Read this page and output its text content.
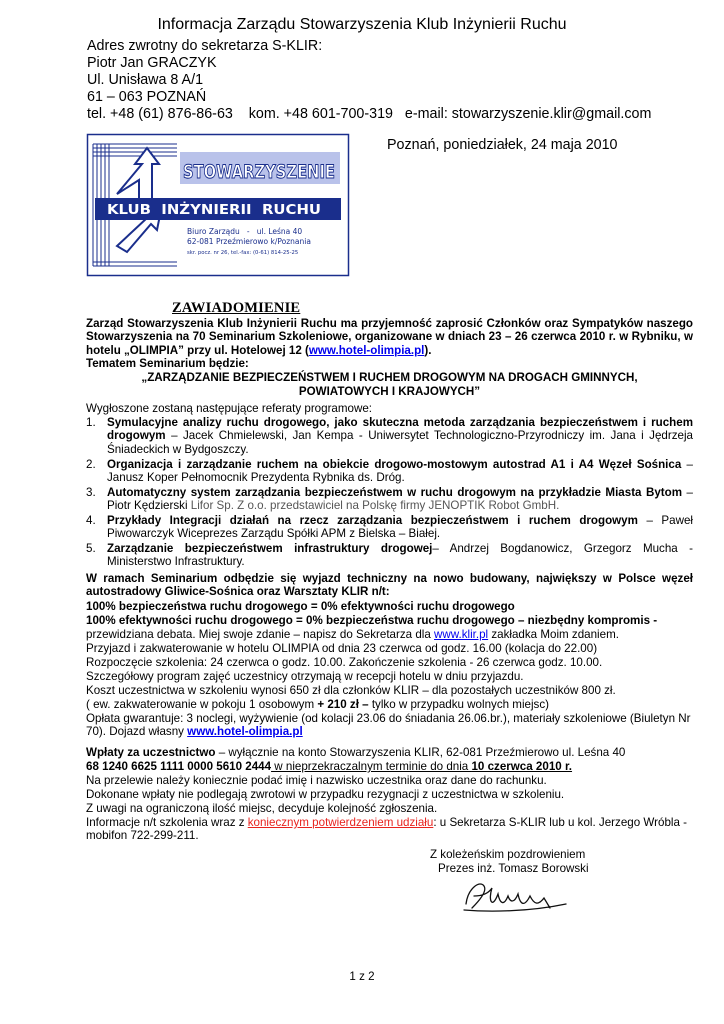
Informacja Zarządu Stowarzyszenia Klub Inżynierii Ruchu
Adres zwrotny do sekretarza S-KLIR:
Piotr Jan GRACZYK
Ul. Unisława 8 A/1
61 – 063 POZNAŃ
tel. +48 (61) 876-86-63    kom. +48 601-700-319   e-mail: stowarzyszenie.klir@gmail.com
Poznań, poniedziałek, 24 maja 2010
STOWARZYSZENIE
KLUB  INŻYNIERII  RUCHU
Biuro Zarządu   -   ul. Leśna 40
62-081 Przeźmierowo k/Poznania
skr. pocz. nr 26, tel.-fax: (0-61) 814-25-25
ZAWIADOMIENIE
Zarząd Stowarzyszenia Klub Inżynierii Ruchu ma przyjemność zaprosić Członków oraz Sympatyków naszego Stowarzyszenia na 70 Seminarium Szkoleniowe, organizowane w dniach 23 – 26 czerwca 2010 r. w Rybniku, w hotelu „OLIMPIA” przy ul. Hotelowej 12 (www.hotel-olimpia.pl).
Tematem Seminarium będzie:
„ZARZĄDZANIE BEZPIECZEŃSTWEM I RUCHEM DROGOWYM NA DROGACH GMINNYCH,
POWIATOWYCH I KRAJOWYCH”
Wygłoszone zostaną następujące referaty programowe:
1. Symulacyjne analizy ruchu drogowego, jako skuteczna metoda zarządzania bezpieczeństwem i ruchem drogowym – Jacek Chmielewski, Jan Kempa - Uniwersytet Technologiczno-Przyrodniczy im. Jana i Jędrzeja Śniadeckich w Bydgoszczy.
2. Organizacja i zarządzanie ruchem na obiekcie drogowo-mostowym autostrad A1 i A4 Węzeł Sośnica – Janusz Koper Pełnomocnik Prezydenta Rybnika ds. Dróg.
3. Automatyczny system zarządzania bezpieczeństwem w ruchu drogowym na przykładzie Miasta Bytom – Piotr Kędzierski Lifor Sp. Z o.o. przedstawiciel na Polskę firmy JENOPTIK Robot GmbH.
4. Przykłady Integracji działań na rzecz zarządzania bezpieczeństwem i ruchem drogowym – Paweł Piwowarczyk Wiceprezes Zarządu Spółki APM z Bielska – Białej.
5. Zarządzanie bezpieczeństwem infrastruktury drogowej– Andrzej Bogdanowicz, Grzegorz Mucha - Ministerstwo Infrastruktury.
W ramach Seminarium odbędzie się wyjazd techniczny na nowo budowany, największy w Polsce węzeł autostradowy Gliwice-Sośnica oraz Warsztaty KLIR n/t:
100% bezpieczeństwa ruchu drogowego = 0% efektywności ruchu drogowego
100% efektywności ruchu drogowego = 0% bezpieczeństwa ruchu drogowego – niezbędny kompromis -
przewidziana debata. Miej swoje zdanie – napisz do Sekretarza dla www.klir.pl zakładka Moim zdaniem.
Przyjazd i zakwaterowanie w hotelu OLIMPIA od dnia 23 czerwca od godz. 16.00 (kolacja do 22.00)
Rozpoczęcie szkolenia: 24 czerwca o godz. 10.00. Zakończenie szkolenia - 26 czerwca godz. 10.00.
Szczegółowy program zajęć uczestnicy otrzymają w recepcji hotelu w dniu przyjazdu.
Koszt uczestnictwa w szkoleniu wynosi 650 zł dla członków KLIR – dla pozostałych uczestników 800 zł.
( ew. zakwaterowanie w pokoju 1 osobowym + 210 zł – tylko w przypadku wolnych miejsc)
Opłata gwarantuje: 3 noclegi, wyżywienie (od kolacji 23.06 do śniadania 26.06.br.), materiały szkoleniowe (Biuletyn Nr 70). Dojazd własny www.hotel-olimpia.pl
Wpłaty za uczestnictwo – wyłącznie na konto Stowarzyszenia KLIR, 62-081 Przeźmierowo ul. Leśna 40
68 1240 6625 1111 0000 5610 2444 w nieprzekraczalnym terminie do dnia 10 czerwca 2010 r.
Na przelewie należy koniecznie podać imię i nazwisko uczestnika oraz dane do rachunku.
Dokonane wpłaty nie podlegają zwrotowi w przypadku rezygnacji z uczestnictwa w szkoleniu.
Z uwagi na ograniczoną ilość miejsc, decyduje kolejność zgłoszenia.
Informacje n/t szkolenia wraz z koniecznym potwierdzeniem udziału: u Sekretarza S-KLIR lub u kol. Jerzego Wróbla - mobifon 722-299-211.
Z koleżeńskim pozdrowieniem
Prezes inż. Tomasz Borowski
1 z 2
